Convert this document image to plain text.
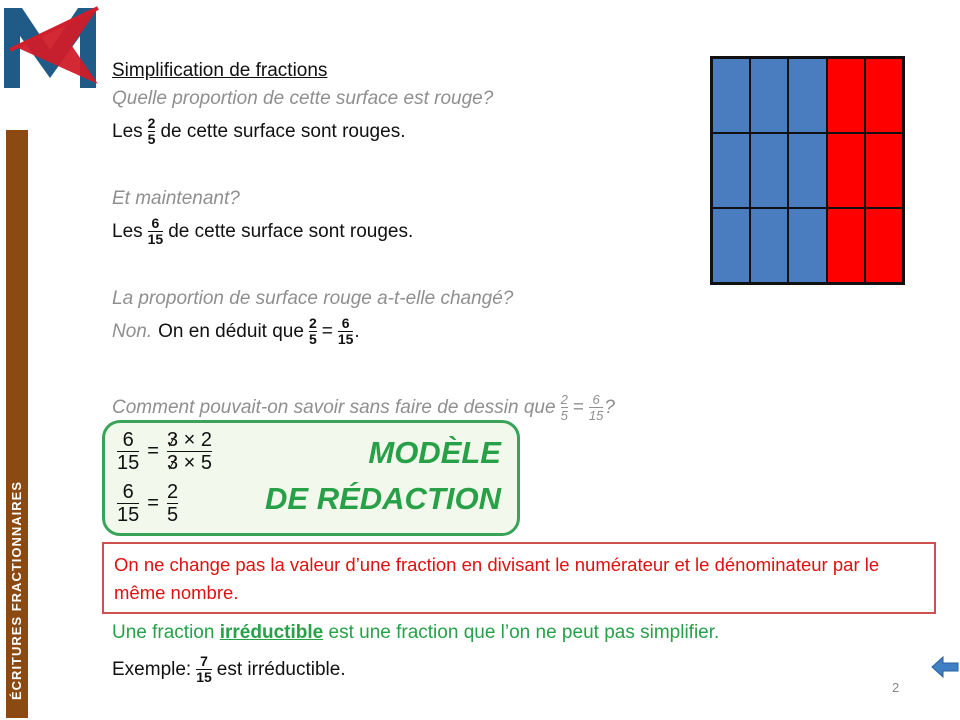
ÉCRITURES FRACTIONNAIRES
Simplification de fractions
Quelle proportion de cette surface est rouge?
Les $\frac{2}{5}$ de cette surface sont rouges.
Et maintenant?
Les $\frac{6}{15}$ de cette surface sont rouges.
La proportion de surface rouge a-t-elle changé?
Non. On en déduit que $\frac{2}{5} = \frac{6}{15}$ .
Comment pouvait-on savoir sans faire de dessin que $\frac{2}{5} = \frac{6}{15}$ ?
$\frac{6}{15} = \frac{3 \times 2}{3 \times 5}$
$\frac{6}{15} = \frac{2}{5}$
MODÈLE
DE RÉDACTION
On ne change pas la valeur d’une fraction en divisant le numérateur et le dénominateur par le même nombre.
Une fraction
irréductible
est une fraction que l’on ne peut pas simplifier.
Exemple: $\frac{7}{15}$ est irréductible.
2
